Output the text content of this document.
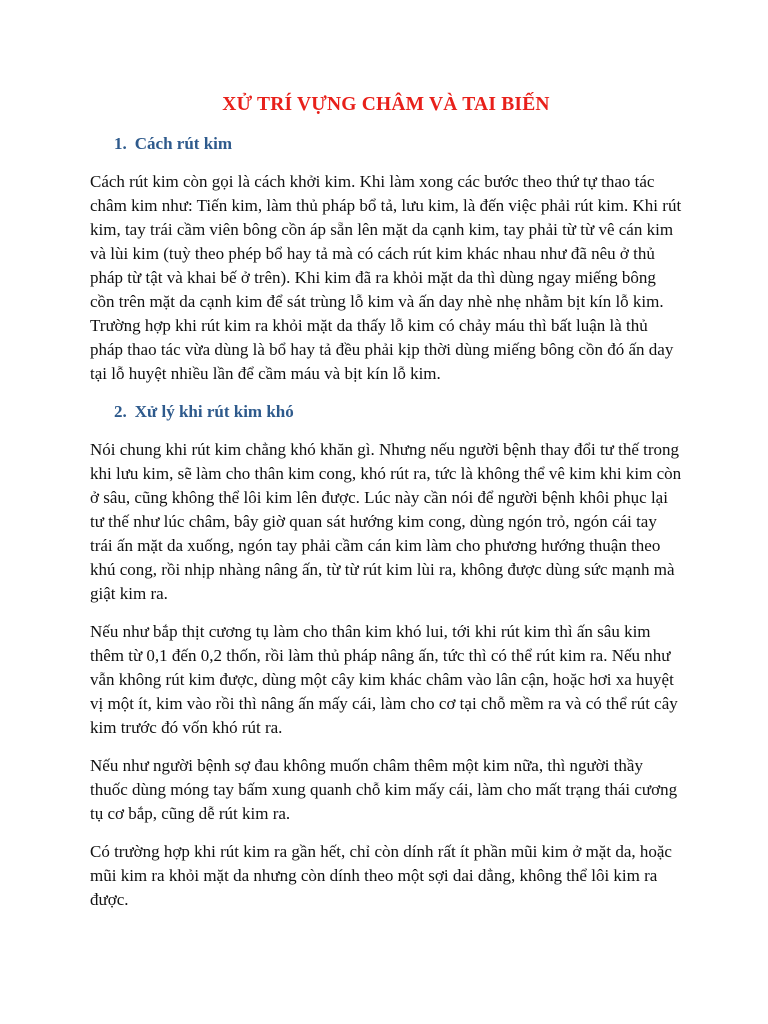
XỬ TRÍ VỰNG CHÂM VÀ TAI BIẾN
1. Cách rút kim

Cách rút kim còn gọi là cách khởi kim. Khi làm xong các bước theo thứ tự thao tác châm kim như: Tiến kim, làm thủ pháp bổ tả, lưu kim, là đến việc phải rút kim. Khi rút kim, tay trái cầm viên bông cồn áp sẵn lên mặt da cạnh kim, tay phải từ từ vê cán kim và lùi kim (tuỳ theo phép bổ hay tả mà có cách rút kim khác nhau như đã nêu ở thủ pháp từ tật và khai bế ở trên). Khi kim đã ra khỏi mặt da thì dùng ngay miếng bông cồn trên mặt da cạnh kim để sát trùng lỗ kim và ấn day nhè nhẹ nhằm bịt kín lỗ kim. Trường hợp khi rút kim ra khỏi mặt da thấy lỗ kim có chảy máu thì bất luận là thủ pháp thao tác vừa dùng là bổ hay tả đều phải kịp thời dùng miếng bông cồn đó ấn day tại lỗ huyệt nhiều lần để cầm máu và bịt kín lỗ kim.

2. Xử lý khi rút kim khó

Nói chung khi rút kim chẳng khó khăn gì. Nhưng nếu người bệnh thay đổi tư thế trong khi lưu kim, sẽ làm cho thân kim cong, khó rút ra, tức là không thể vê kim khi kim còn ở sâu, cũng không thể lôi kim lên được. Lúc này cần nói để người bệnh khôi phục lại tư thế như lúc châm, bây giờ quan sát hướng kim cong, dùng ngón trỏ, ngón cái tay trái ấn mặt da xuống, ngón tay phải cầm cán kim làm cho phương hướng thuận theo khú cong, rồi nhịp nhàng nâng ấn, từ từ rút kim lùi ra, không được dùng sức mạnh mà giật kim ra.

Nếu như bắp thịt cương tụ làm cho thân kim khó lui, tới khi rút kim thì ấn sâu kim thêm từ 0,1 đến 0,2 thốn, rồi làm thủ pháp nâng ấn, tức thì có thể rút kim ra. Nếu như vẫn không rút kim được, dùng một cây kim khác châm vào lân cận, hoặc hơi xa huyệt vị một ít, kim vào rồi thì nâng ấn mấy cái, làm cho cơ tại chỗ mềm ra và có thể rút cây kim trước đó vốn khó rút ra.

Nếu như người bệnh sợ đau không muốn châm thêm một kim nữa, thì người thầy thuốc dùng móng tay bấm xung quanh chỗ kim mấy cái, làm cho mất trạng thái cương tụ cơ bắp, cũng dễ rút kim ra.

Có trường hợp khi rút kim ra gần hết, chỉ còn dính rất ít phần mũi kim ở mặt da, hoặc mũi kim ra khỏi mặt da nhưng còn dính theo một sợi dai dẳng, không thể lôi kim ra được.
